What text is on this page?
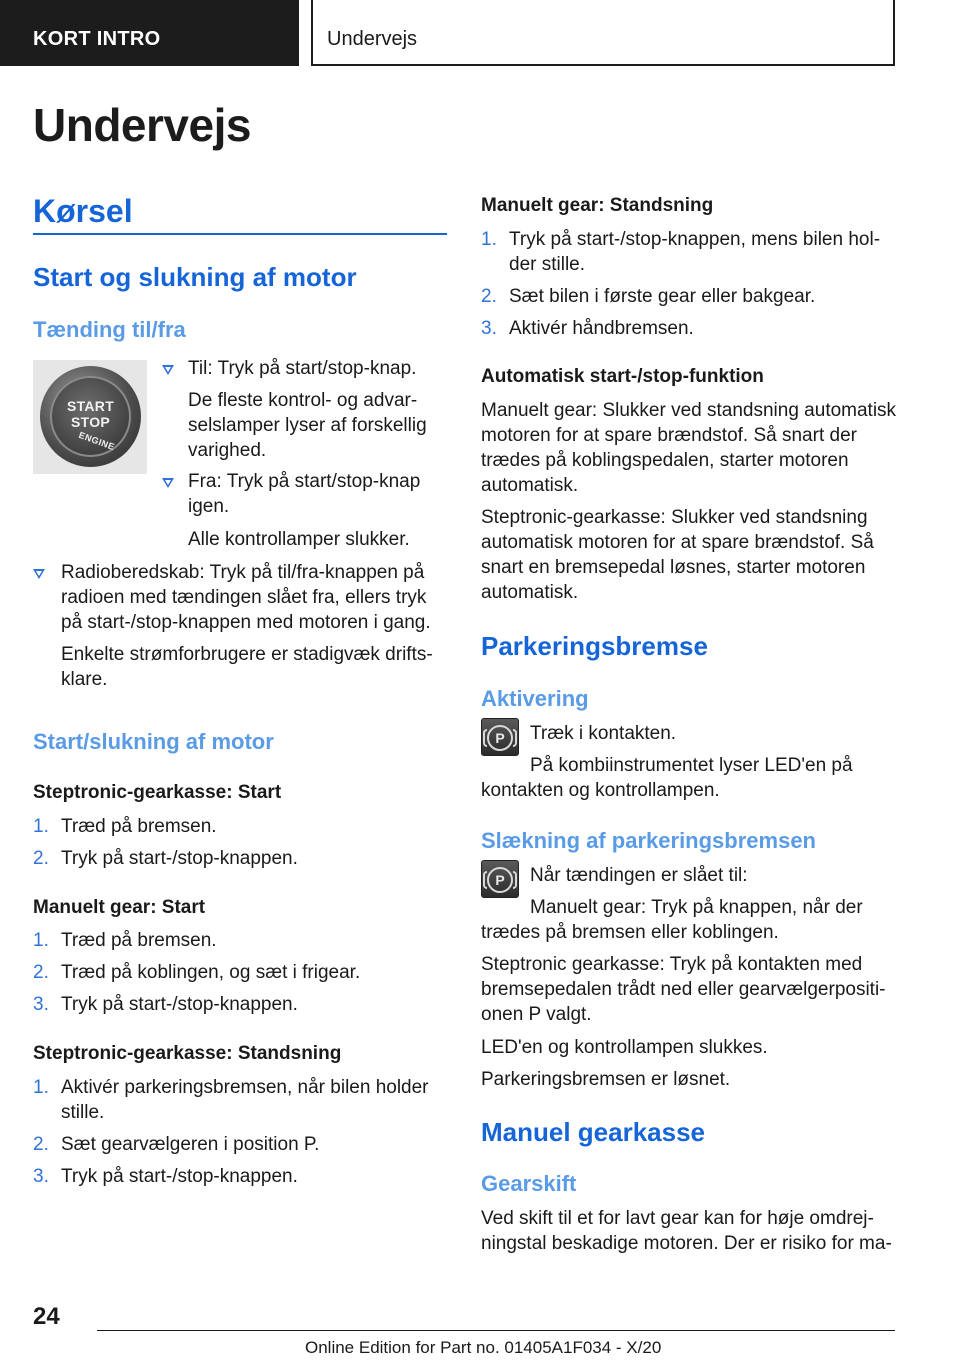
KORT INTRO	Undervejs
Undervejs
Kørsel
Start og slukning af motor
Tænding til/fra
START
STOP
ENGINE
Til: Tryk på start/stop-knap.
De fleste kontrol- og advar-
selslamper lyser af forskellig
varighed.
Fra: Tryk på start/stop-knap
igen.
Alle kontrollamper slukker.
Radioberedskab: Tryk på til/fra-knappen på
radioen med tændingen slået fra, ellers tryk
på start-/stop-knappen med motoren i gang.
Enkelte strømforbrugere er stadigvæk drifts-
klare.
Start/slukning af motor
Steptronic-gearkasse: Start
1. Træd på bremsen.
2. Tryk på start-/stop-knappen.
Manuelt gear: Start
1. Træd på bremsen.
2. Træd på koblingen, og sæt i frigear.
3. Tryk på start-/stop-knappen.
Steptronic-gearkasse: Standsning
1. Aktivér parkeringsbremsen, når bilen holder
stille.
2. Sæt gearvælgeren i position P.
3. Tryk på start-/stop-knappen.
Manuelt gear: Standsning
1. Tryk på start-/stop-knappen, mens bilen hol-
der stille.
2. Sæt bilen i første gear eller bakgear.
3. Aktivér håndbremsen.
Automatisk start-/stop-funktion
Manuelt gear: Slukker ved standsning automatisk
motoren for at spare brændstof. Så snart der
trædes på koblingspedalen, starter motoren
automatisk.
Steptronic-gearkasse: Slukker ved standsning
automatisk motoren for at spare brændstof. Så
snart en bremsepedal løsnes, starter motoren
automatisk.
Parkeringsbremse
Aktivering
P	Træk i kontakten.
På kombiinstrumentet lyser LED'en på
kontakten og kontrollampen.
Slækning af parkeringsbremsen
P	Når tændingen er slået til:
Manuelt gear: Tryk på knappen, når der
trædes på bremsen eller koblingen.
Steptronic gearkasse: Tryk på kontakten med
bremsepedalen trådt ned eller gearvælgerpositi-
onen P valgt.
LED'en og kontrollampen slukkes.
Parkeringsbremsen er løsnet.
Manuel gearkasse
Gearskift
Ved skift til et for lavt gear kan for høje omdrej-
ningstal beskadige motoren. Der er risiko for ma-
24
Online Edition for Part no. 01405A1F034 - X/20
